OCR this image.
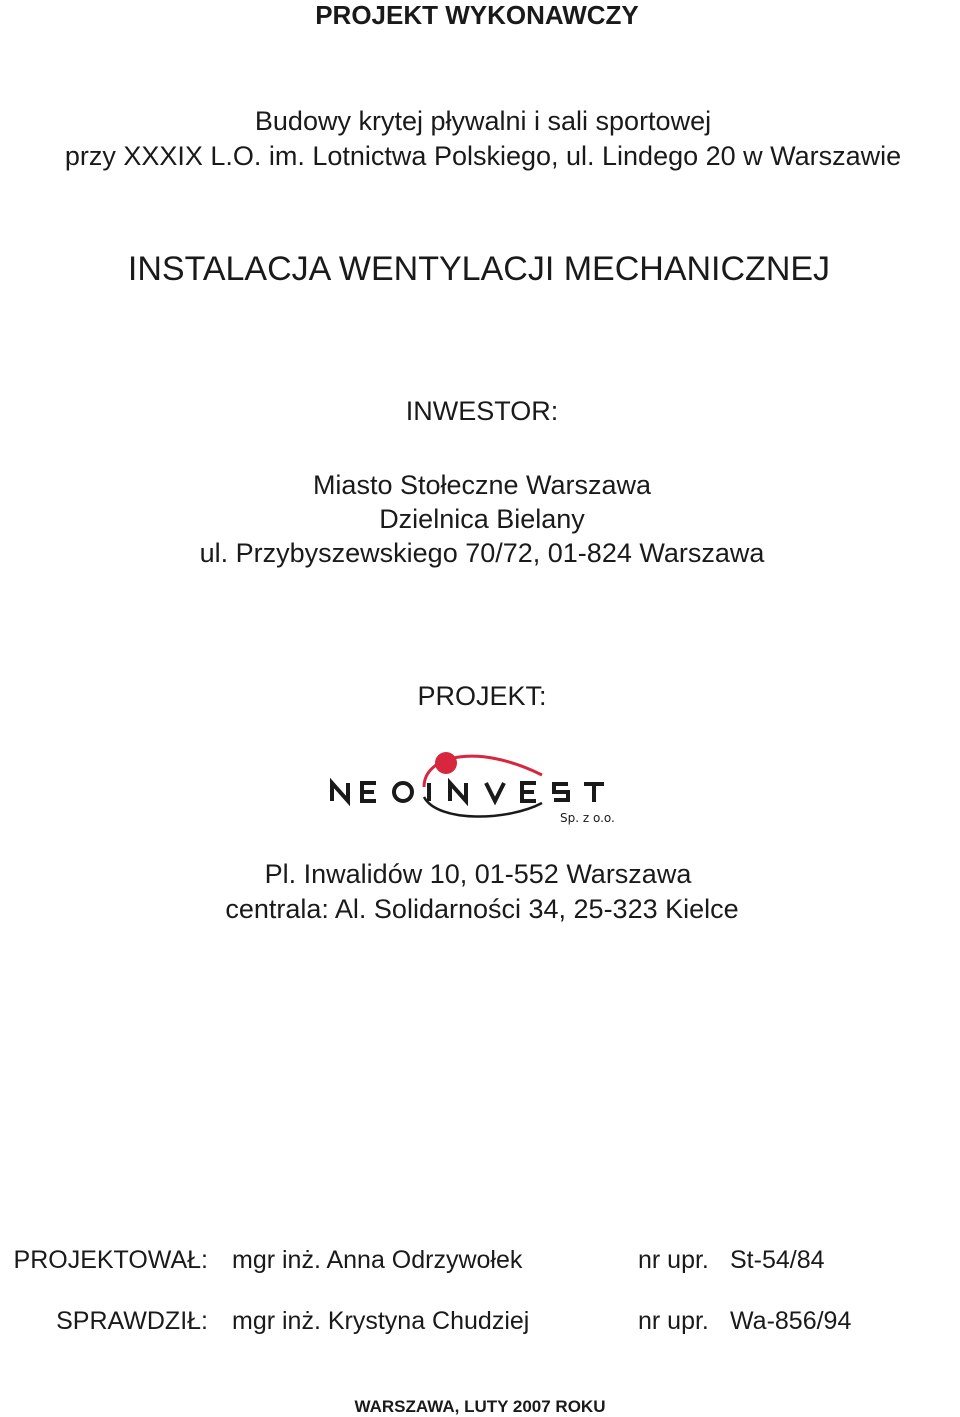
PROJEKT WYKONAWCZY
Budowy krytej pływalni i sali sportowej
przy XXXIX L.O. im. Lotnictwa Polskiego, ul. Lindego 20 w Warszawie
INSTALACJA WENTYLACJI MECHANICZNEJ
INWESTOR:
Miasto Stołeczne Warszawa
Dzielnica Bielany
ul. Przybyszewskiego 70/72, 01-824 Warszawa
PROJEKT:
Sp. z o.o.
Pl. Inwalidów 10, 01-552 Warszawa
centrala: Al. Solidarności 34, 25-323 Kielce
PROJEKTOWAŁ: mgr inż. Anna Odrzywołek	nr upr. St-54/84
SPRAWDZIŁ: mgr inż. Krystyna Chudziej	nr upr. Wa-856/94
WARSZAWA, LUTY 2007 ROKU
